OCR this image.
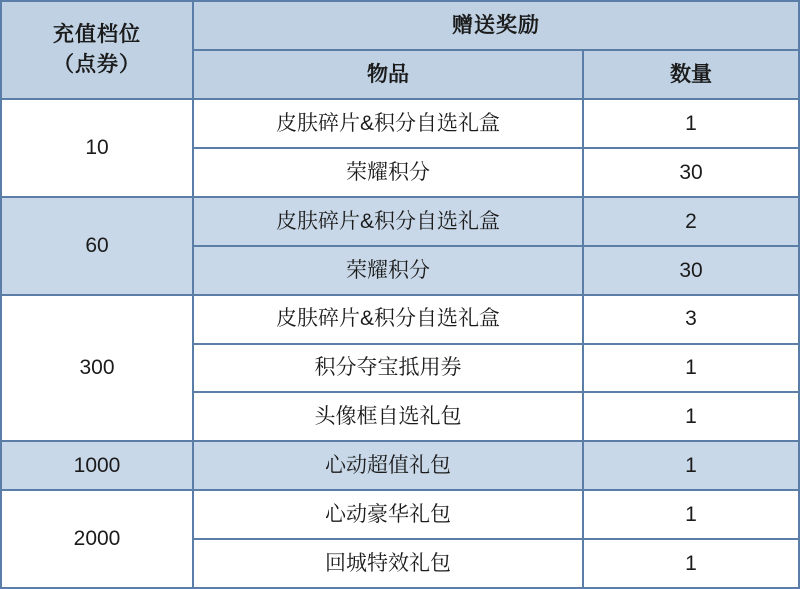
充值档位
（点券）	赠送奖励	
	物品	数量
10	皮肤碎片&积分自选礼盒	1
	荣耀积分	30
60	皮肤碎片&积分自选礼盒	2
	荣耀积分	30
300	皮肤碎片&积分自选礼盒	3
	积分夺宝抵用券	1
	头像框自选礼包	1
1000	心动超值礼包	1
2000	心动豪华礼包	1
	回城特效礼包	1
